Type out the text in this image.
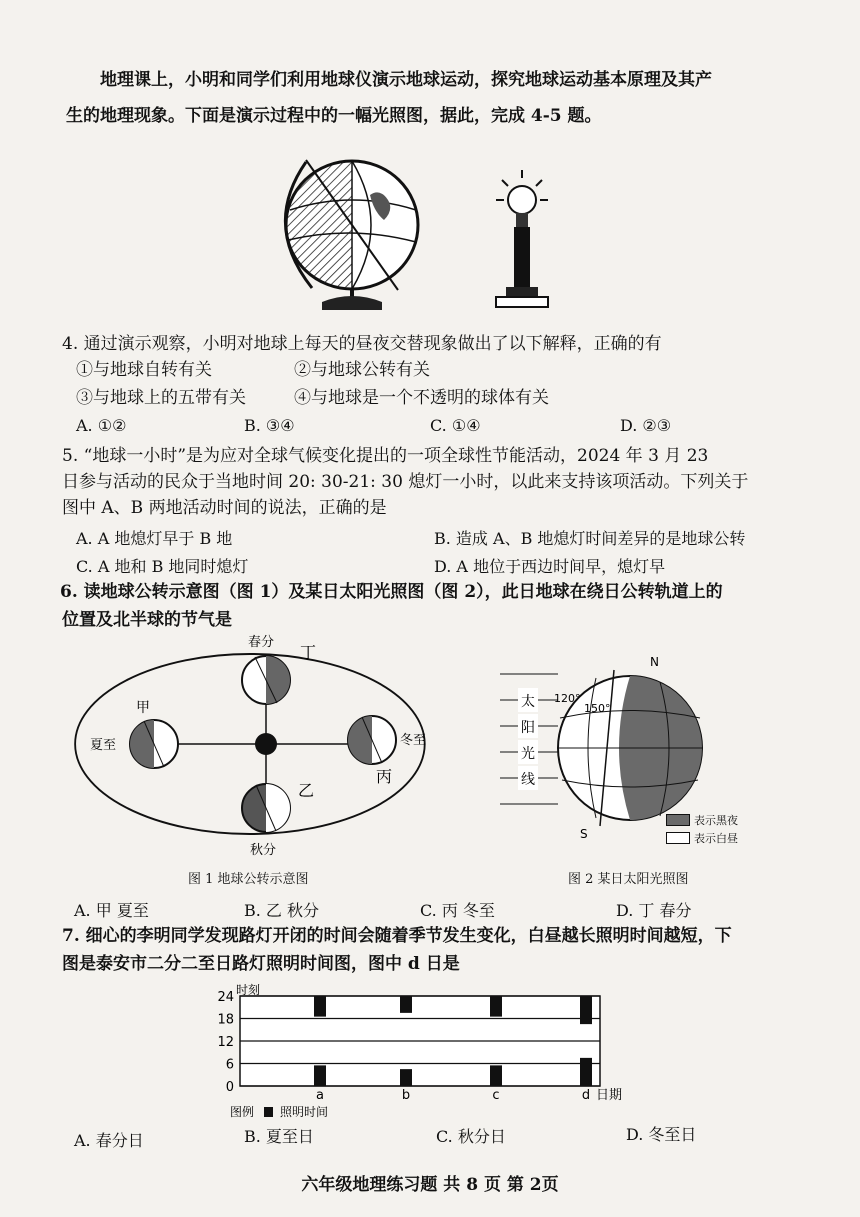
地理课上，小明和同学们利用地球仪演示地球运动，探究地球运动基本原理及其产
生的地理现象。下面是演示过程中的一幅光照图，据此，完成 4-5 题。
4. 通过演示观察，小明对地球上每天的昼夜交替现象做出了以下解释，正确的有
①与地球自转有关	②与地球公转有关
③与地球上的五带有关	④与地球是一个不透明的球体有关
A. ①②	B. ③④	C. ①④	D. ②③
5. “地球一小时”是为应对全球气候变化提出的一项全球性节能活动，2024 年 3 月 23
日参与活动的民众于当地时间 20: 30-21: 30 熄灯一小时，以此来支持该项活动。下列关于
图中 A、B 两地活动时间的说法，正确的是
A. A 地熄灯早于 B 地	B. 造成 A、B 地熄灯时间差异的是地球公转
C. A 地和 B 地同时熄灯	D. A 地位于西边时间早，熄灯早
6. 读地球公转示意图（图 1）及某日太阳光照图（图 2），此日地球在绕日公转轨道上的
位置及北半球的节气是
春分
丁
甲
夏至	冬至
丙
乙
秋分
图 1 地球公转示意图
太
阳
光
线
120°
150°
N
S
表示黑夜
表示白昼
图 2 某日太阳光照图
A. 甲 夏至	B. 乙 秋分	C. 丙 冬至	D. 丁 春分
7. 细心的李明同学发现路灯开闭的时间会随着季节发生变化，白昼越长照明时间越短，下
图是泰安市二分二至日路灯照明时间图，图中 d 日是
0
6
12
18
24 时刻
a	b	c	d 日期
图例 照明时间
A. 春分日	B. 夏至日	C. 秋分日	D. 冬至日
六年级地理练习题 共 8 页 第 2页
